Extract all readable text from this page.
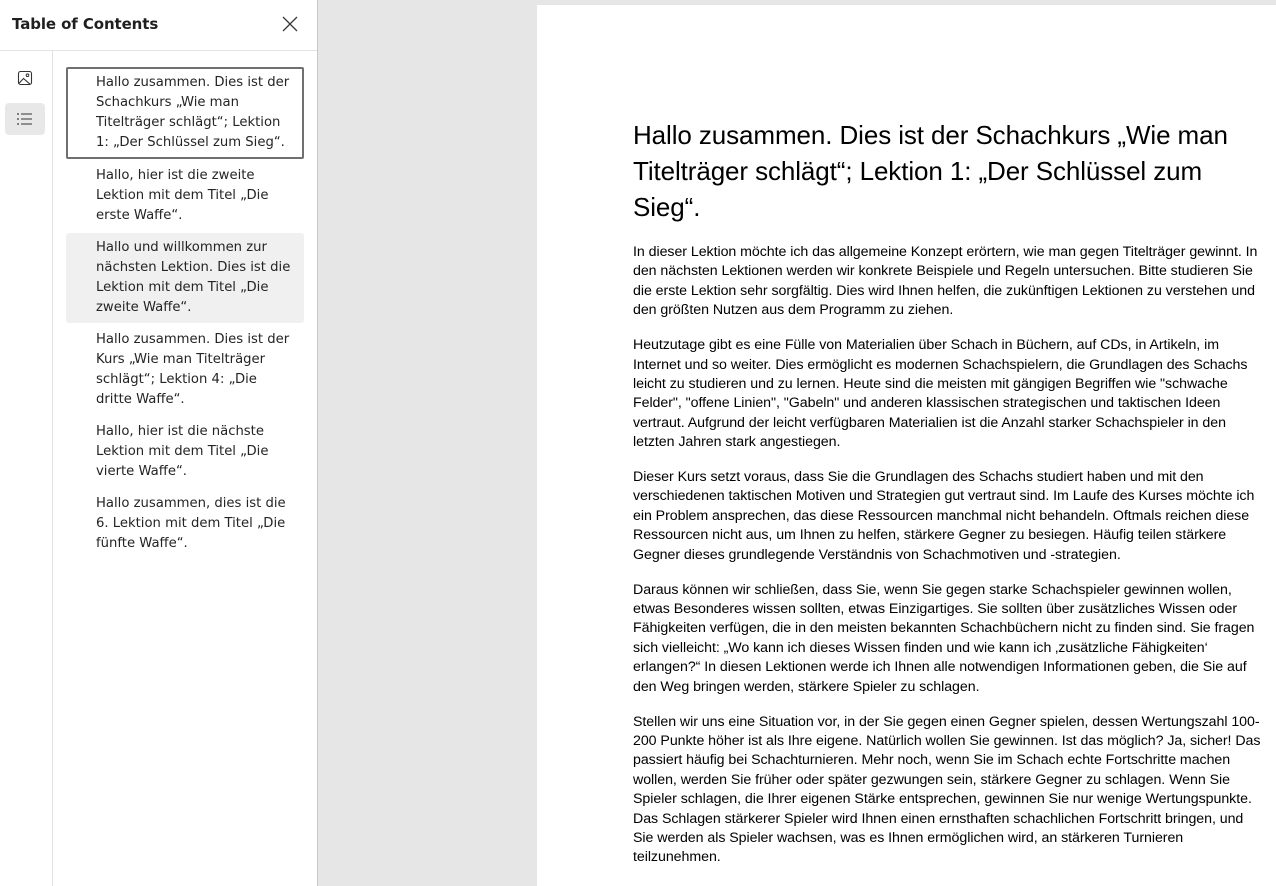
Table of Contents
Hallo zusammen. Dies ist der Schachkurs „Wie man Titelträger schlägt“; Lektion 1: „Der Schlüssel zum Sieg“.
Hallo, hier ist die zweite Lektion mit dem Titel „Die erste Waffe“.
Hallo und willkommen zur nächsten Lektion. Dies ist die Lektion mit dem Titel „Die zweite Waffe“.
Hallo zusammen. Dies ist der Kurs „Wie man Titelträger schlägt“; Lektion 4: „Die dritte Waffe“.
Hallo, hier ist die nächste Lektion mit dem Titel „Die vierte Waffe“.
Hallo zusammen, dies ist die 6. Lektion mit dem Titel „Die fünfte Waffe“.
Hallo zusammen. Dies ist der Schachkurs „Wie man Titelträger schlägt“; Lektion 1: „Der Schlüssel zum Sieg“.

In dieser Lektion möchte ich das allgemeine Konzept erörtern, wie man gegen Titelträger gewinnt. In den nächsten Lektionen werden wir konkrete Beispiele und Regeln untersuchen. Bitte studieren Sie die erste Lektion sehr sorgfältig. Dies wird Ihnen helfen, die zukünftigen Lektionen zu verstehen und den größten Nutzen aus dem Programm zu ziehen.

Heutzutage gibt es eine Fülle von Materialien über Schach in Büchern, auf CDs, in Artikeln, im Internet und so weiter. Dies ermöglicht es modernen Schachspielern, die Grundlagen des Schachs leicht zu studieren und zu lernen. Heute sind die meisten mit gängigen Begriffen wie "schwache Felder", "offene Linien", "Gabeln" und anderen klassischen strategischen und taktischen Ideen vertraut. Aufgrund der leicht verfügbaren Materialien ist die Anzahl starker Schachspieler in den letzten Jahren stark angestiegen.

Dieser Kurs setzt voraus, dass Sie die Grundlagen des Schachs studiert haben und mit den verschiedenen taktischen Motiven und Strategien gut vertraut sind. Im Laufe des Kurses möchte ich ein Problem ansprechen, das diese Ressourcen manchmal nicht behandeln. Oftmals reichen diese Ressourcen nicht aus, um Ihnen zu helfen, stärkere Gegner zu besiegen. Häufig teilen stärkere Gegner dieses grundlegende Verständnis von Schachmotiven und -strategien.

Daraus können wir schließen, dass Sie, wenn Sie gegen starke Schachspieler gewinnen wollen, etwas Besonderes wissen sollten, etwas Einzigartiges. Sie sollten über zusätzliches Wissen oder Fähigkeiten verfügen, die in den meisten bekannten Schachbüchern nicht zu finden sind. Sie fragen sich vielleicht: „Wo kann ich dieses Wissen finden und wie kann ich ‚zusätzliche Fähigkeiten‘ erlangen?“ In diesen Lektionen werde ich Ihnen alle notwendigen Informationen geben, die Sie auf den Weg bringen werden, stärkere Spieler zu schlagen.

Stellen wir uns eine Situation vor, in der Sie gegen einen Gegner spielen, dessen Wertungszahl 100-200 Punkte höher ist als Ihre eigene. Natürlich wollen Sie gewinnen. Ist das möglich? Ja, sicher! Das passiert häufig bei Schachturnieren. Mehr noch, wenn Sie im Schach echte Fortschritte machen wollen, werden Sie früher oder später gezwungen sein, stärkere Gegner zu schlagen. Wenn Sie Spieler schlagen, die Ihrer eigenen Stärke entsprechen, gewinnen Sie nur wenige Wertungspunkte. Das Schlagen stärkerer Spieler wird Ihnen einen ernsthaften schachlichen Fortschritt bringen, und Sie werden als Spieler wachsen, was es Ihnen ermöglichen wird, an stärkeren Turnieren teilzunehmen.
